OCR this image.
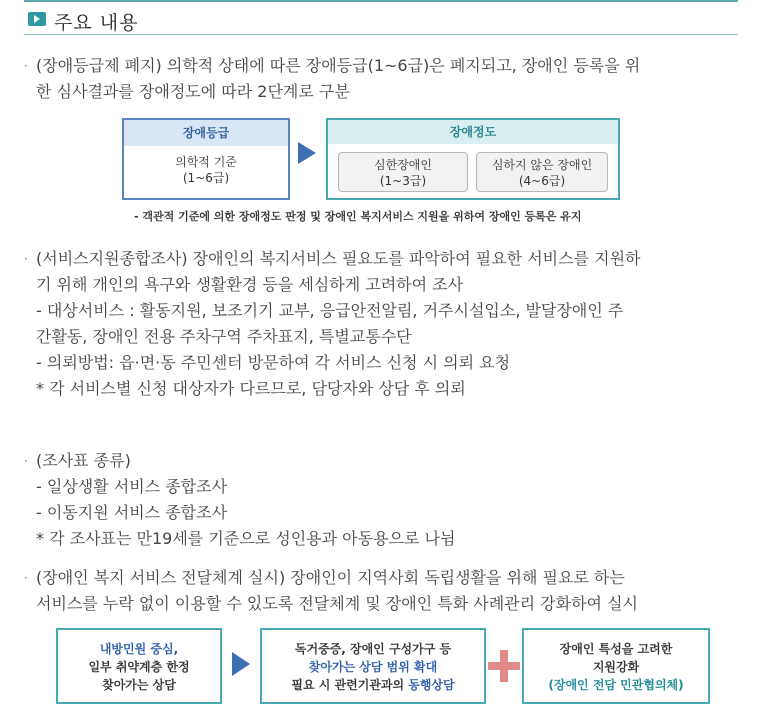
주요 내용
· (장애등급제 폐지) 의학적 상태에 따른 장애등급(1~6급)은 폐지되고, 장애인 등록을 위
한 심사결과를 장애정도에 따라 2단계로 구분
장애등급
의학적 기준
(1~6급)
장애정도
심한장애인
(1~3급)
심하지 않은 장애인
(4~6급)
- 객관적 기준에 의한 장애정도 판정 및 장애인 복지서비스 지원을 위하여 장애인 등록은 유지
· (서비스지원종합조사) 장애인의 복지서비스 필요도를 파악하여 필요한 서비스를 지원하
기 위해 개인의 욕구와 생활환경 등을 세심하게 고려하여 조사
- 대상서비스 : 활동지원, 보조기기 교부, 응급안전알림, 거주시설입소, 발달장애인 주
간활동, 장애인 전용 주차구역 주차표지, 특별교통수단
- 의뢰방법: 읍·면·동 주민센터 방문하여 각 서비스 신청 시 의뢰 요청
* 각 서비스별 신청 대상자가 다르므로, 담당자와 상담 후 의뢰
· (조사표 종류)
- 일상생활 서비스 종합조사
- 이동지원 서비스 종합조사
* 각 조사표는 만19세를 기준으로 성인용과 아동용으로 나뉨
· (장애인 복지 서비스 전달체계 실시) 장애인이 지역사회 독립생활을 위해 필요로 하는
서비스를 누락 없이 이용할 수 있도록 전달체계 및 장애인 특화 사례관리 강화하여 실시
내방민원 중심,
일부 취약계층 한정
찾아가는 상담
독거중증, 장애인 구성가구 등
찾아가는 상담 범위 확대
필요 시 관련기관과의 동행상담
장애인 특성을 고려한
지원강화
(장애인 전담 민관협의체)
